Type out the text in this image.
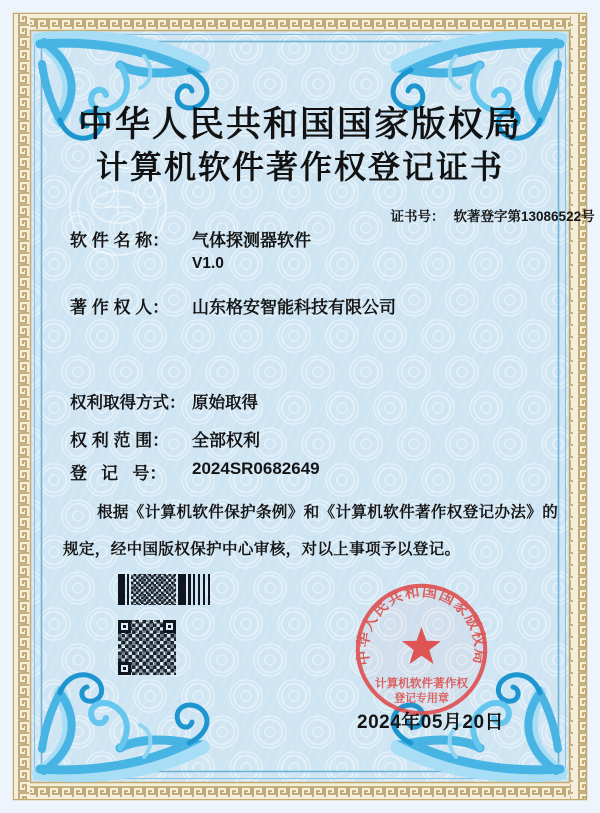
中华人民共和国国家版权局
计算机软件著作权登记证书

证书号： 软著登字第13086522号

软 件 名 称：	气体探测器软件
V1.0
著 作 权 人：	山东格安智能科技有限公司
权利取得方式： 原始取得
权 利 范 围：	全部权利
登   记   号：	2024SR0682649
根据《计算机软件保护条例》和《计算机软件著作权登记办法》的
规定，经中国版权保护中心审核，对以上事项予以登记。
中华人民共和国国家版权局
计算机软件著作权
登记专用章
2024年05月20日
